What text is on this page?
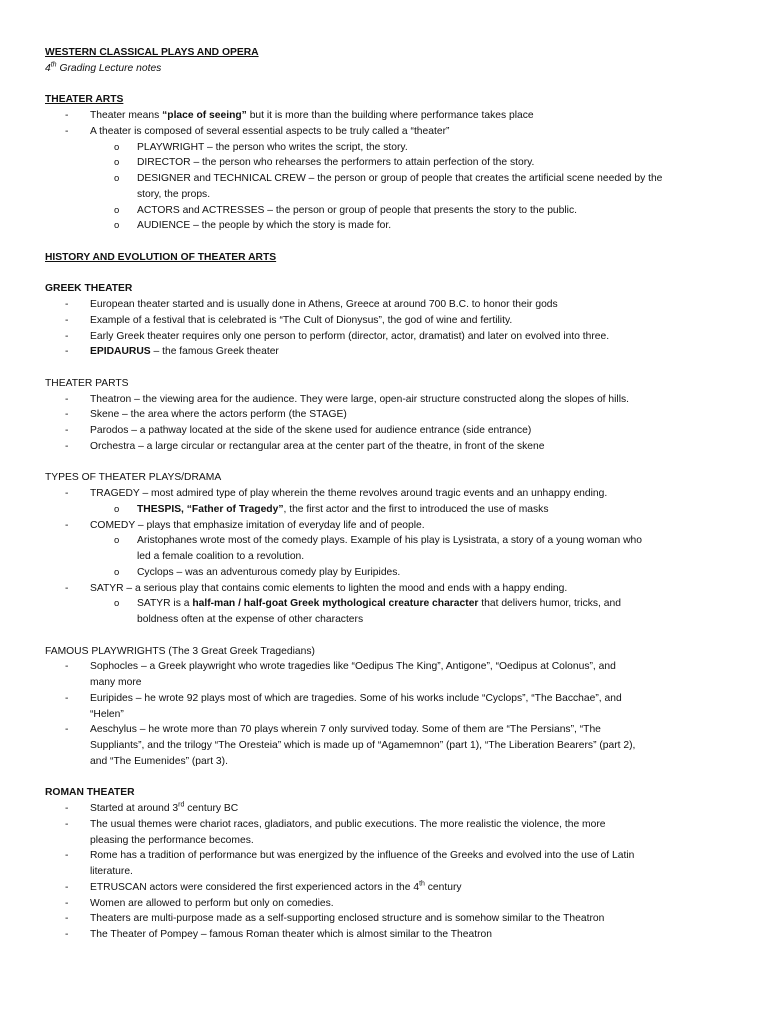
WESTERN CLASSICAL PLAYS AND OPERA
4th Grading Lecture notes
THEATER ARTS
- Theater means “place of seeing” but it is more than the building where performance takes place
- A theater is composed of several essential aspects to be truly called a “theater”
o PLAYWRIGHT – the person who writes the script, the story.
o DIRECTOR – the person who rehearses the performers to attain perfection of the story.
o DESIGNER and TECHNICAL CREW – the person or group of people that creates the artificial scene needed by the
story, the props.
o ACTORS and ACTRESSES – the person or group of people that presents the story to the public.
o AUDIENCE – the people by which the story is made for.
HISTORY AND EVOLUTION OF THEATER ARTS
GREEK THEATER
- European theater started and is usually done in Athens, Greece at around 700 B.C. to honor their gods
- Example of a festival that is celebrated is “The Cult of Dionysus”, the god of wine and fertility.
- Early Greek theater requires only one person to perform (director, actor, dramatist) and later on evolved into three.
- EPIDAURUS – the famous Greek theater
THEATER PARTS
- Theatron – the viewing area for the audience. They were large, open-air structure constructed along the slopes of hills.
- Skene – the area where the actors perform (the STAGE)
- Parodos – a pathway located at the side of the skene used for audience entrance (side entrance)
- Orchestra – a large circular or rectangular area at the center part of the theatre, in front of the skene
TYPES OF THEATER PLAYS/DRAMA
- TRAGEDY – most admired type of play wherein the theme revolves around tragic events and an unhappy ending.
o THESPIS, “Father of Tragedy”, the first actor and the first to introduced the use of masks
- COMEDY – plays that emphasize imitation of everyday life and of people.
o Aristophanes wrote most of the comedy plays. Example of his play is Lysistrata, a story of a young woman who
led a female coalition to a revolution.
o Cyclops – was an adventurous comedy play by Euripides.
- SATYR – a serious play that contains comic elements to lighten the mood and ends with a happy ending.
o SATYR is a half-man / half-goat Greek mythological creature character that delivers humor, tricks, and
boldness often at the expense of other characters
FAMOUS PLAYWRIGHTS (The 3 Great Greek Tragedians)
- Sophocles – a Greek playwright who wrote tragedies like “Oedipus The King”, Antigone”, “Oedipus at Colonus”, and
many more
- Euripides – he wrote 92 plays most of which are tragedies. Some of his works include “Cyclops”, “The Bacchae”, and
“Helen”
- Aeschylus – he wrote more than 70 plays wherein 7 only survived today. Some of them are “The Persians”, “The
Suppliants”, and the trilogy “The Oresteia” which is made up of “Agamemnon” (part 1), “The Liberation Bearers” (part 2),
and “The Eumenides” (part 3).
ROMAN THEATER
- Started at around 3rd century BC
- The usual themes were chariot races, gladiators, and public executions. The more realistic the violence, the more
pleasing the performance becomes.
- Rome has a tradition of performance but was energized by the influence of the Greeks and evolved into the use of Latin
literature.
- ETRUSCAN actors were considered the first experienced actors in the 4th century
- Women are allowed to perform but only on comedies.
- Theaters are multi-purpose made as a self-supporting enclosed structure and is somehow similar to the Theatron
- The Theater of Pompey – famous Roman theater which is almost similar to the Theatron
